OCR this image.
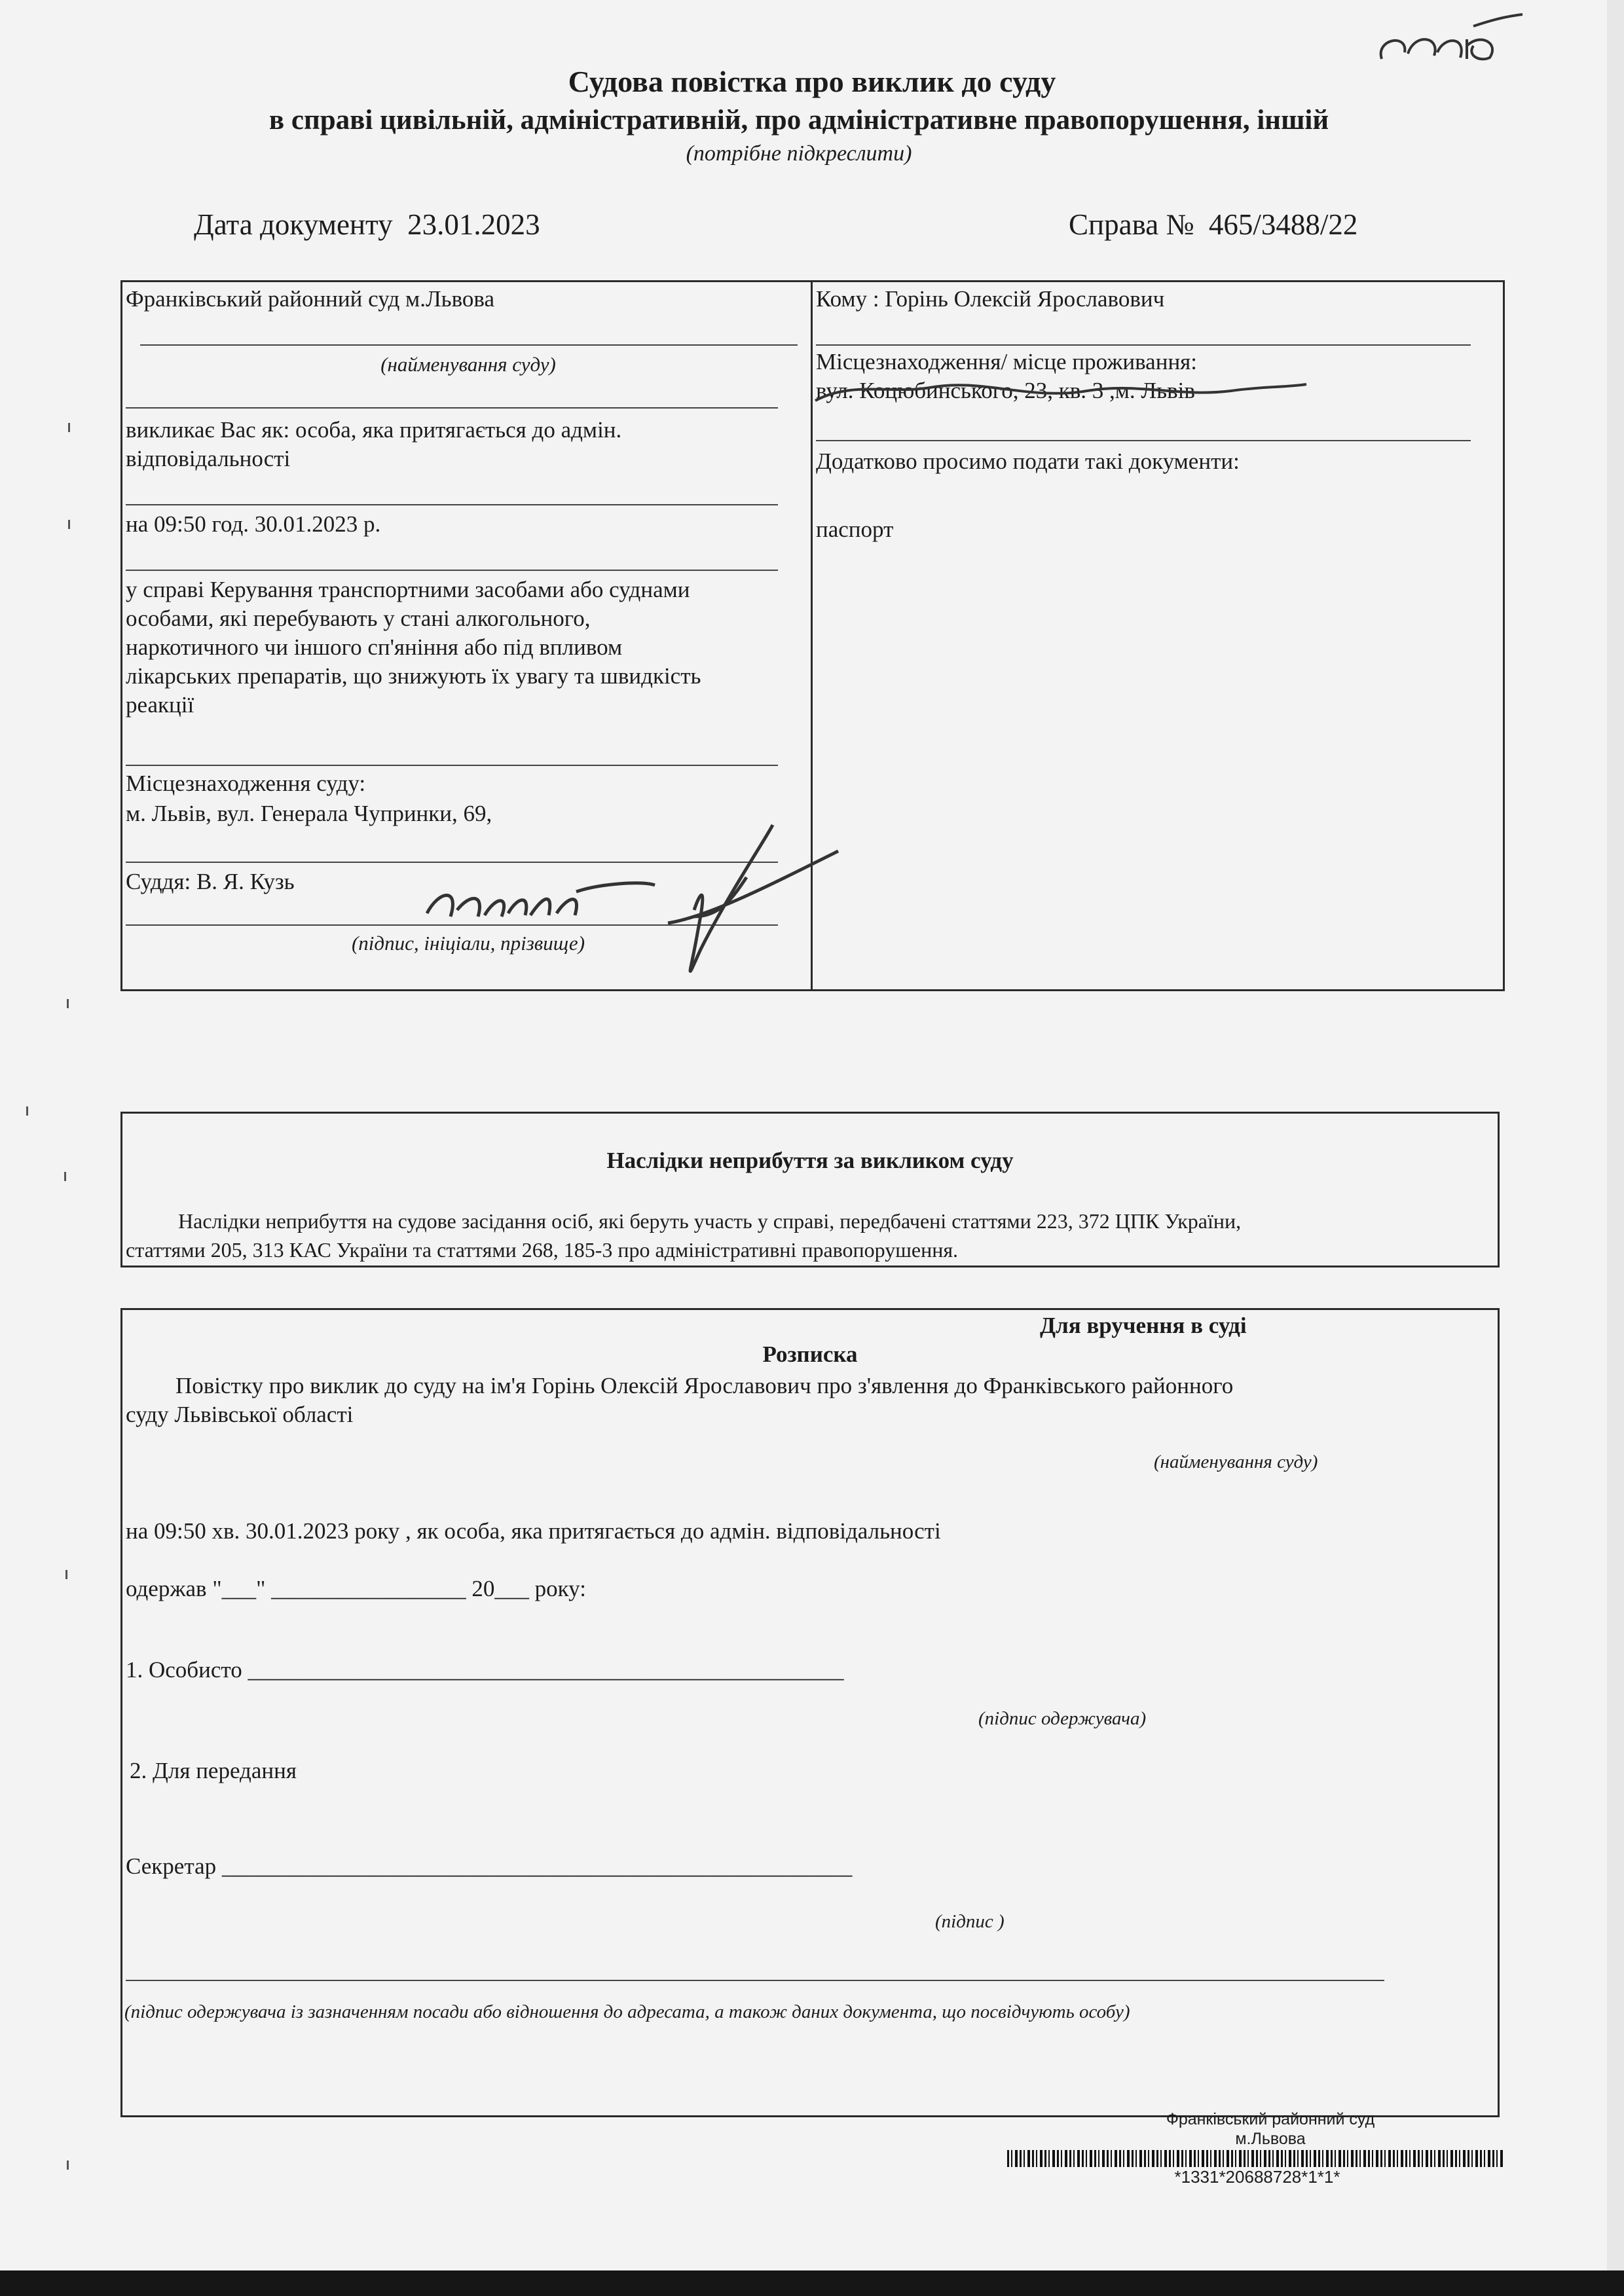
Судова повістка про виклик до суду
в справі цивільній, адміністративній, про адміністративне правопорушення, іншій
(потрібне підкреслити)
Дата документу 23.01.2023	Справа № 465/3488/22
Франківський районний суд м.Львова
(найменування суду)
викликає Вас як: особа, яка притягається до адмін.
відповідальності
на 09:50 год. 30.01.2023 р.
у справі Керування транспортними засобами або суднами
особами, які перебувають у стані алкогольного,
наркотичного чи іншого сп'яніння або під впливом
лікарських препаратів, що знижують їх увагу та швидкість
реакції
Місцезнаходження суду:
м. Львів, вул. Генерала Чупринки, 69,
Суддя: В. Я. Кузь
(підпис, ініціали, прізвище)
Кому : Горінь Олексій Ярославович
Місцезнаходження/ місце проживання:
вул. Коцюбинського, 23, кв. 3 ,м. Львів
Додатково просимо подати такі документи:
паспорт
Наслідки неприбуття за викликом суду
Наслідки неприбуття на судове засідання осіб, які беруть участь у справі, передбачені статтями 223, 372 ЦПК України,
статтями 205, 313 КАС України та статтями 268, 185-3 про адміністративні правопорушення.
Для вручення в суді
Розписка
Повістку про виклик до суду на ім'я Горінь Олексій Ярославович про з'явлення до Франківського районного
суду Львівської області
(найменування суду)
на 09:50 хв. 30.01.2023 року , як особа, яка притягається до адмін. відповідальності
одержав "___" _________________ 20___ року:
1. Особисто ____________________________________________________
(підпис одержувача)
2. Для передання
Секретар _______________________________________________________
(підпис )
(підпис одержувача із зазначенням посади або відношення до адресата, а також даних документа, що посвідчують особу)
Франківський районний суд
м.Львова
*1331*20688728*1*1*
